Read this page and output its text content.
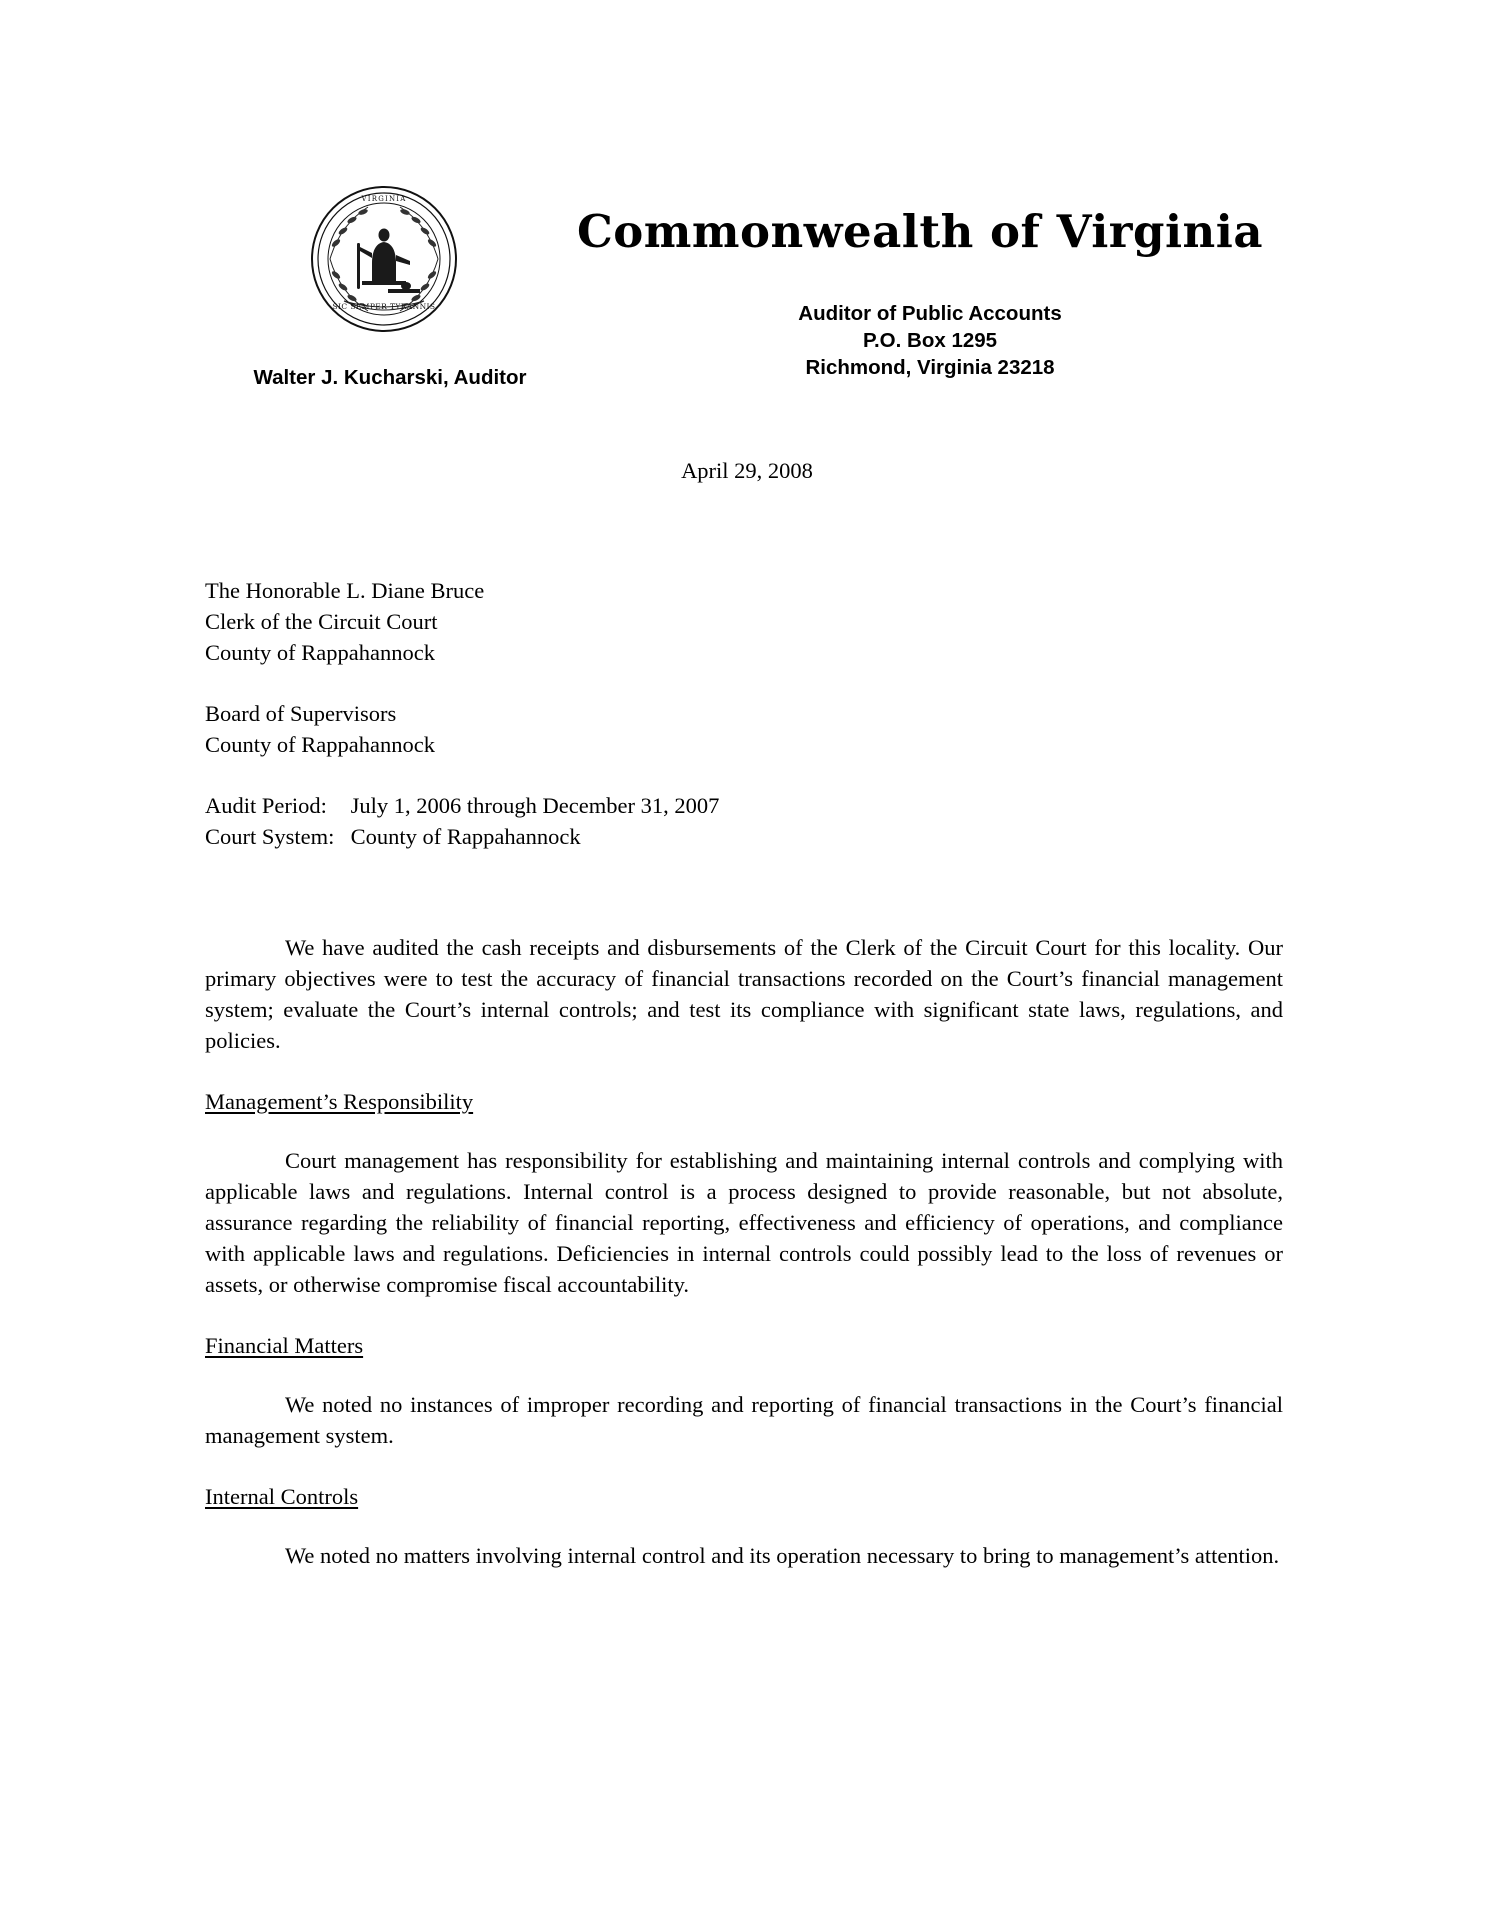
SIC SEMPER TYRANNIS
VIRGINIA
Commonwealth of Virginia
Auditor of Public Accounts
P.O. Box 1295
Richmond, Virginia 23218
Walter J. Kucharski, Auditor
April 29, 2008
The Honorable L. Diane Bruce
Clerk of the Circuit Court
County of Rappahannock
Board of Supervisors
County of Rappahannock
Audit Period: July 1, 2006 through December 31, 2007
Court System: County of Rappahannock

We have audited the cash receipts and disbursements of the Clerk of the Circuit Court for this locality. Our primary objectives were to test the accuracy of financial transactions recorded on the Court’s financial management system; evaluate the Court’s internal controls; and test its compliance with significant state laws, regulations, and policies.

Management’s Responsibility

Court management has responsibility for establishing and maintaining internal controls and complying with applicable laws and regulations. Internal control is a process designed to provide reasonable, but not absolute, assurance regarding the reliability of financial reporting, effectiveness and efficiency of operations, and compliance with applicable laws and regulations. Deficiencies in internal controls could possibly lead to the loss of revenues or assets, or otherwise compromise fiscal accountability.

Financial Matters

We noted no instances of improper recording and reporting of financial transactions in the Court’s financial management system.

Internal Controls

We noted no matters involving internal control and its operation necessary to bring to management’s attention.
